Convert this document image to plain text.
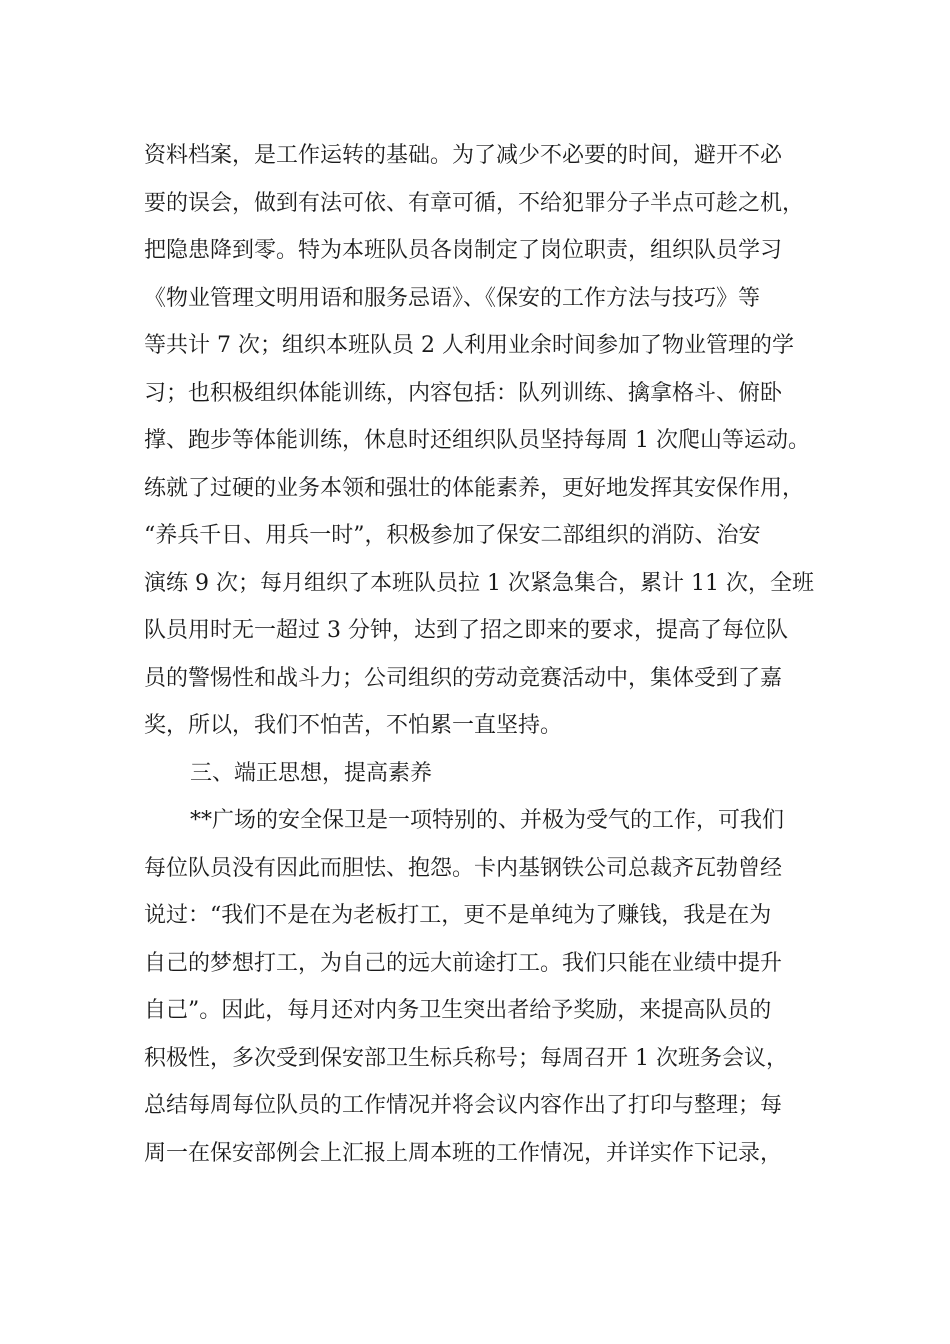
资料档案，是工作运转的基础。为了减少不必要的时间，避开不必
要的误会，做到有法可依、有章可循，不给犯罪分子半点可趁之机，
把隐患降到零。特为本班队员各岗制定了岗位职责，组织队员学习
《物业管理文明用语和服务忌语》、《保安的工作方法与技巧》等
等共计 7 次；组织本班队员 2 人利用业余时间参加了物业管理的学
习；也积极组织体能训练，内容包括：队列训练、擒拿格斗、俯卧
撑、跑步等体能训练，休息时还组织队员坚持每周 1 次爬山等运动。
练就了过硬的业务本领和强壮的体能素养，更好地发挥其安保作用，
“养兵千日、用兵一时”，积极参加了保安二部组织的消防、治安
演练 9 次；每月组织了本班队员拉 1 次紧急集合，累计 11 次，全班
队员用时无一超过 3 分钟，达到了招之即来的要求，提高了每位队
员的警惕性和战斗力；公司组织的劳动竞赛活动中，集体受到了嘉
奖，所以，我们不怕苦，不怕累一直坚持。
三、端正思想，提高素养
**广场的安全保卫是一项特别的、并极为受气的工作，可我们
每位队员没有因此而胆怯、抱怨。卡内基钢铁公司总裁齐瓦勃曾经
说过：“我们不是在为老板打工，更不是单纯为了赚钱，我是在为
自己的梦想打工，为自己的远大前途打工。我们只能在业绩中提升
自己”。因此，每月还对内务卫生突出者给予奖励，来提高队员的
积极性，多次受到保安部卫生标兵称号；每周召开 1 次班务会议，
总结每周每位队员的工作情况并将会议内容作出了打印与整理；每
周一在保安部例会上汇报上周本班的工作情况，并详实作下记录，
